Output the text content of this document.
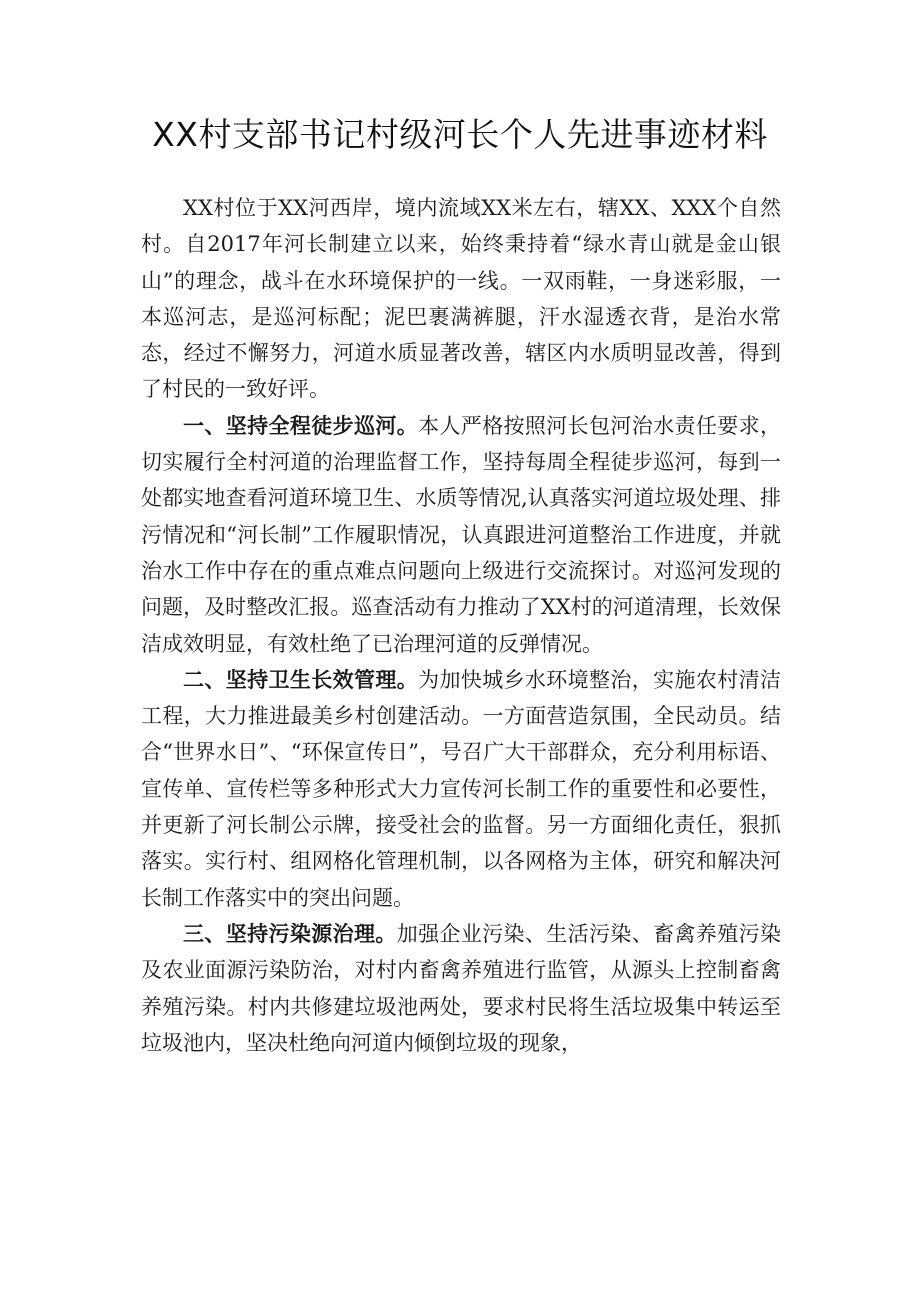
XX村支部书记村级河长个人先进事迹材料

XX村位于XX河西岸，境内流域XX米左右，辖XX、XXX个自然村。自2017年河长制建立以来，始终秉持着“绿水青山就是金山银山”的理念，战斗在水环境保护的一线。一双雨鞋，一身迷彩服，一本巡河志，是巡河标配；泥巴裹满裤腿，汗水湿透衣背，是治水常态，经过不懈努力，河道水质显著改善，辖区内水质明显改善，得到了村民的一致好评。

一、坚持全程徒步巡河。本人严格按照河长包河治水责任要求，切实履行全村河道的治理监督工作，坚持每周全程徒步巡河，每到一处都实地查看河道环境卫生、水质等情况,认真落实河道垃圾处理、排污情况和“河长制”工作履职情况，认真跟进河道整治工作进度，并就治水工作中存在的重点难点问题向上级进行交流探讨。对巡河发现的问题，及时整改汇报。巡查活动有力推动了XX村的河道清理，长效保洁成效明显，有效杜绝了已治理河道的反弹情况。

二、坚持卫生长效管理。为加快城乡水环境整治，实施农村清洁工程，大力推进最美乡村创建活动。一方面营造氛围，全民动员。结合“世界水日”、“环保宣传日”，号召广大干部群众，充分利用标语、宣传单、宣传栏等多种形式大力宣传河长制工作的重要性和必要性，并更新了河长制公示牌，接受社会的监督。另一方面细化责任，狠抓落实。实行村、组网格化管理机制，以各网格为主体，研究和解决河长制工作落实中的突出问题。

三、坚持污染源治理。加强企业污染、生活污染、畜禽养殖污染及农业面源污染防治，对村内畜禽养殖进行监管，从源头上控制畜禽养殖污染。村内共修建垃圾池两处，要求村民将生活垃圾集中转运至垃圾池内，坚决杜绝向河道内倾倒垃圾的现象，
